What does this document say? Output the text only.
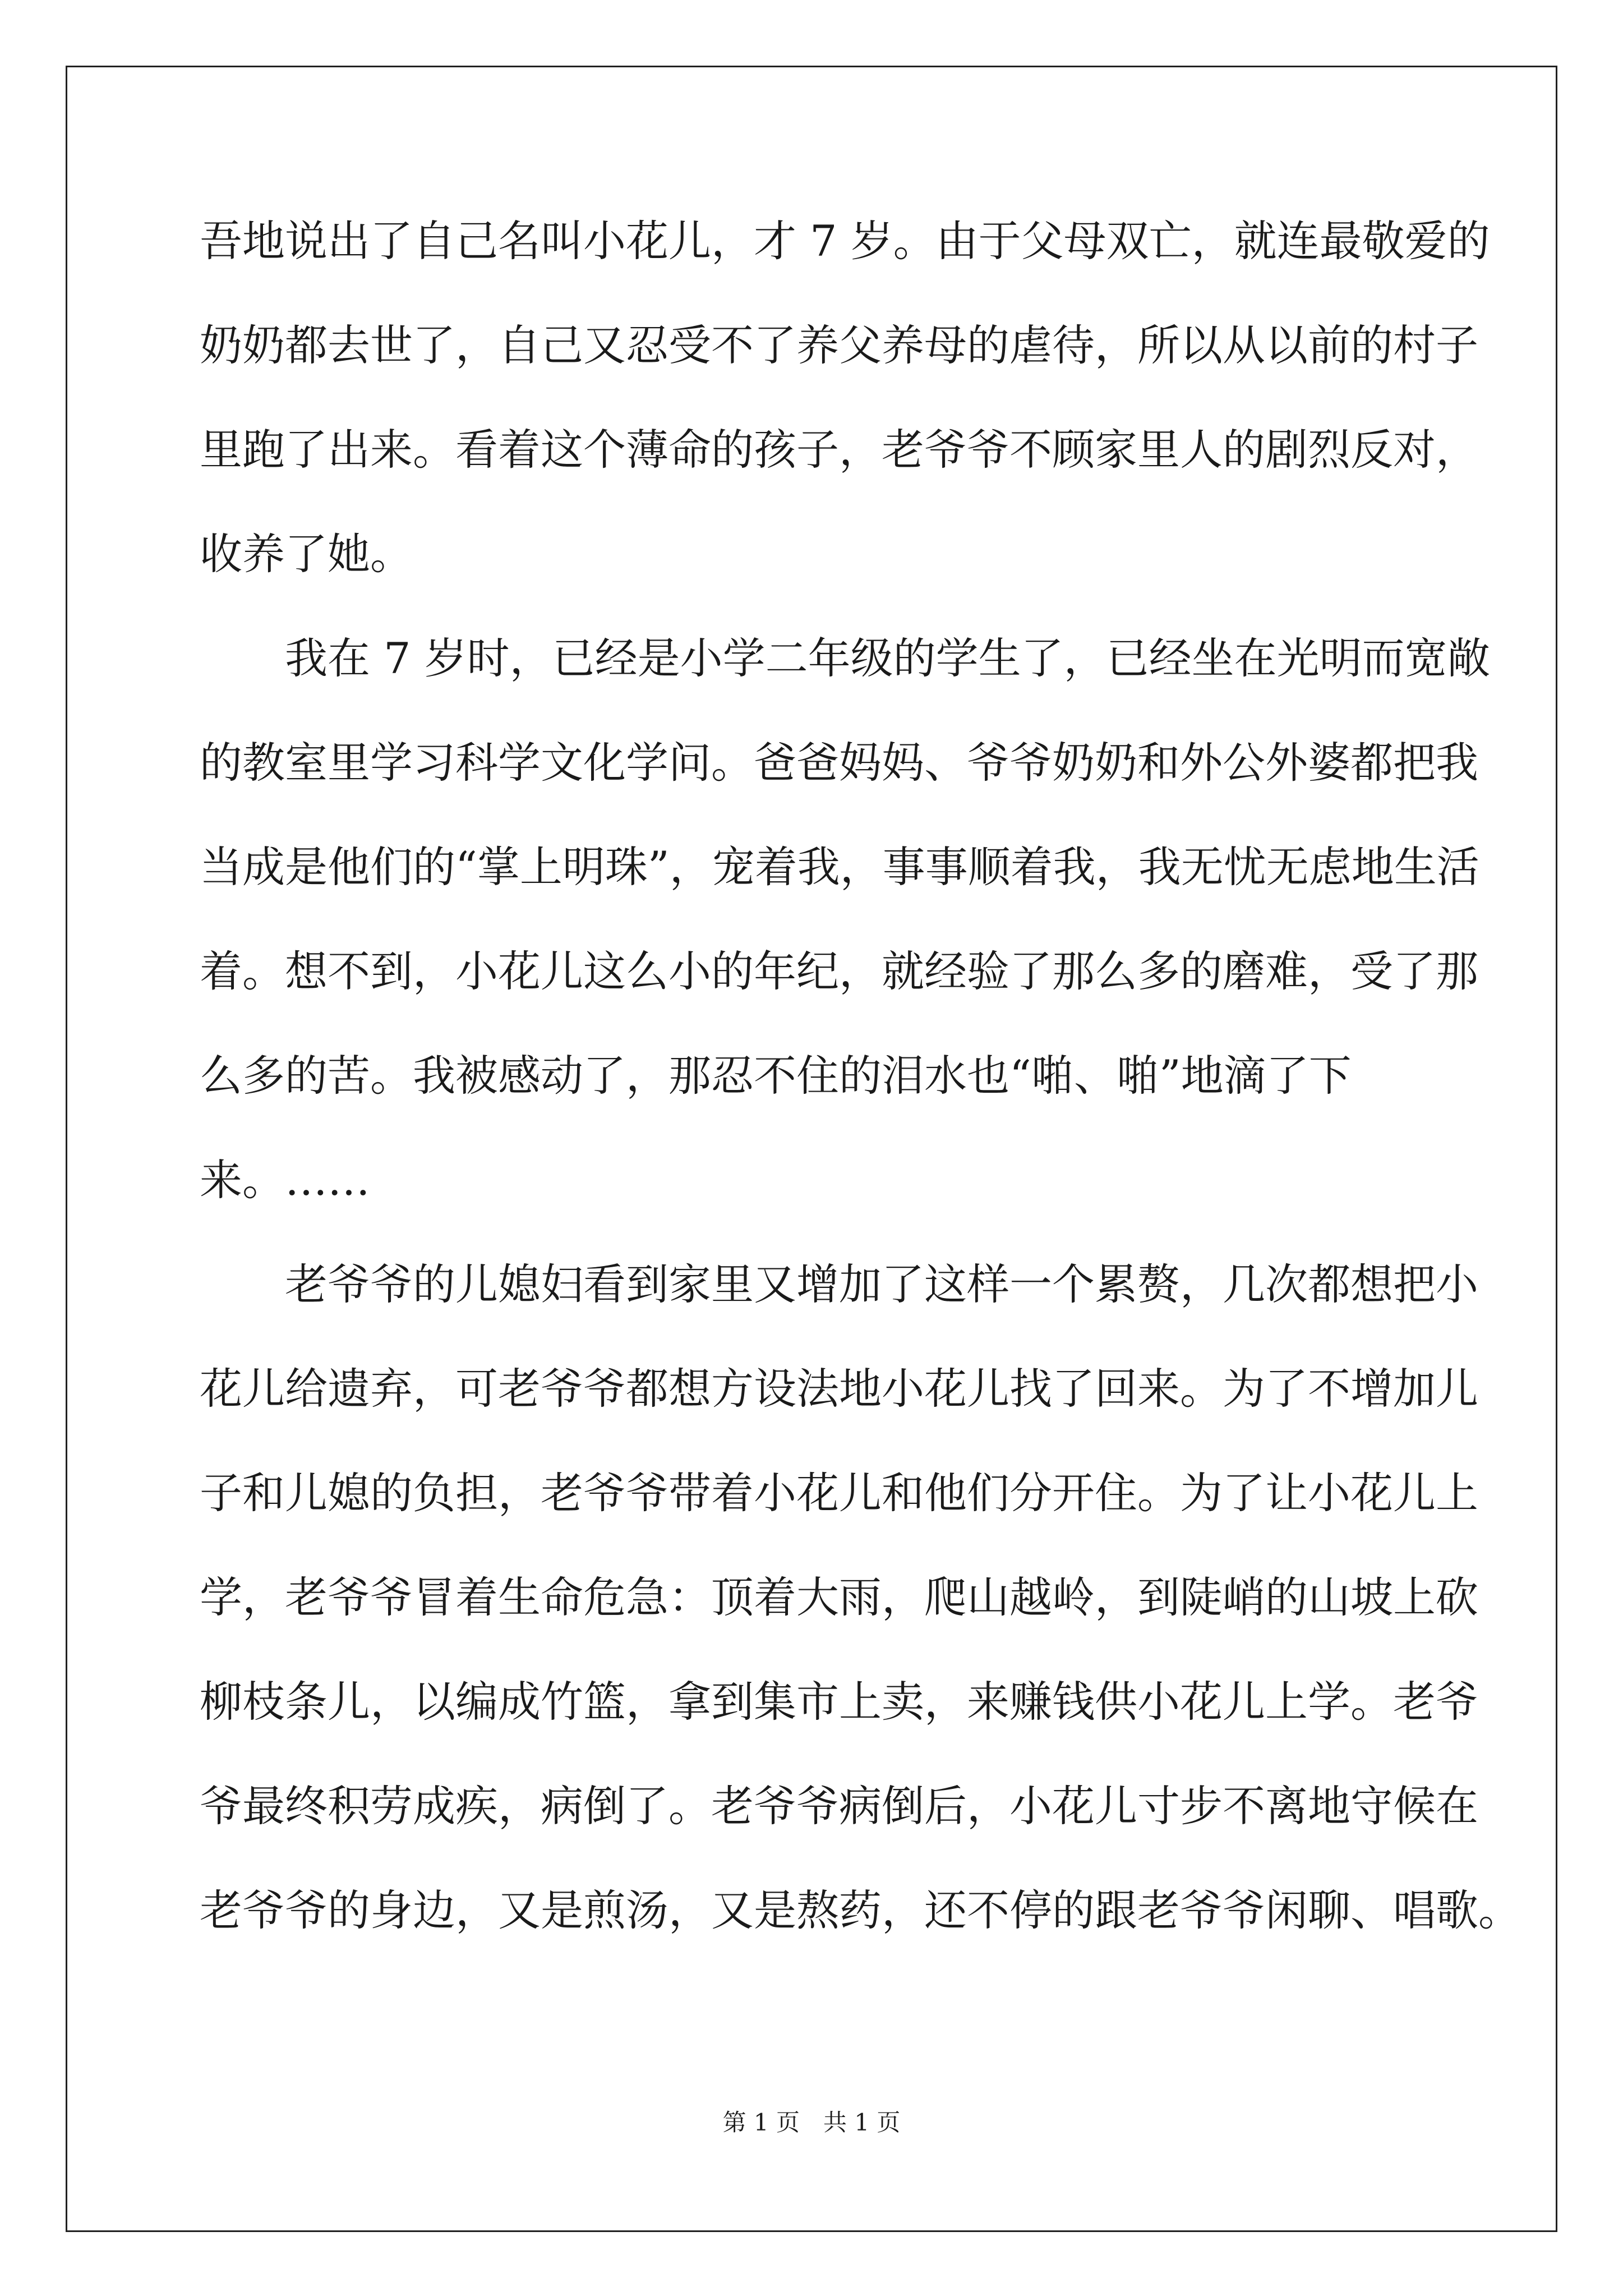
吾地说出了自己名叫小花儿，才 7 岁。由于父母双亡，就连最敬爱的
奶奶都去世了，自己又忍受不了养父养母的虐待，所以从以前的村子
里跑了出来。看着这个薄命的孩子，老爷爷不顾家里人的剧烈反对，
收养了她。
我在 7 岁时，已经是小学二年级的学生了，已经坐在光明而宽敞
的教室里学习科学文化学问。爸爸妈妈、爷爷奶奶和外公外婆都把我
当成是他们的“掌上明珠”，宠着我，事事顺着我，我无忧无虑地生活
着。想不到，小花儿这么小的年纪，就经验了那么多的磨难，受了那
么多的苦。我被感动了，那忍不住的泪水也“啪、啪”地滴了下
来。……
老爷爷的儿媳妇看到家里又增加了这样一个累赘，几次都想把小
花儿给遗弃，可老爷爷都想方设法地小花儿找了回来。为了不增加儿
子和儿媳的负担，老爷爷带着小花儿和他们分开住。为了让小花儿上
学，老爷爷冒着生命危急：顶着大雨，爬山越岭，到陡峭的山坡上砍
柳枝条儿，以编成竹篮，拿到集市上卖，来赚钱供小花儿上学。老爷
爷最终积劳成疾，病倒了。老爷爷病倒后，小花儿寸步不离地守候在
老爷爷的身边，又是煎汤，又是熬药，还不停的跟老爷爷闲聊、唱歌。
第 1 页　共 1 页
